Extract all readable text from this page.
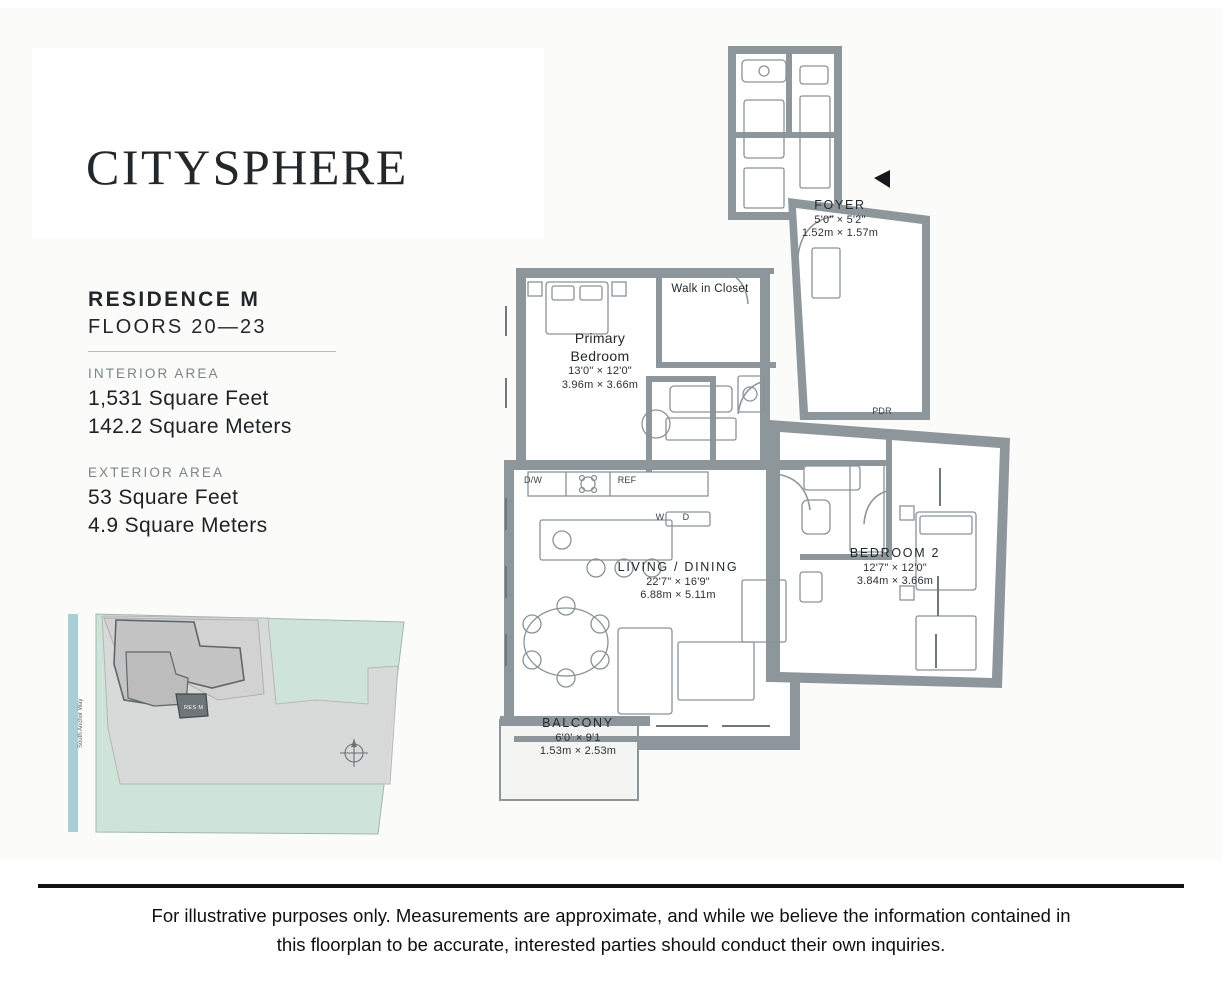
CITYSPHERE

RESIDENCE M

FLOORS 20—23

INTERIOR AREA

1,531 Square Feet

142.2 Square Meters

EXTERIOR AREA

53 Square Feet

4.9 Square Meters

RES M
South Anchor Way
FOYER
5'0" × 5'2"
1.52m × 1.57m
Walk in Closet
Primary
Bedroom
13'0" × 12'0"
3.96m × 3.66m
LIVING / DINING
22'7" × 16'9"
6.88m × 5.11m
BEDROOM 2
12'7" × 12'0"
3.84m × 3.66m
BALCONY
6'0' × 9'1
1.53m × 2.53m
D/W	REF
W	D
PDR
For illustrative purposes only. Measurements are approximate, and while we believe the information contained in
this floorplan to be accurate, interested parties should conduct their own inquiries.
